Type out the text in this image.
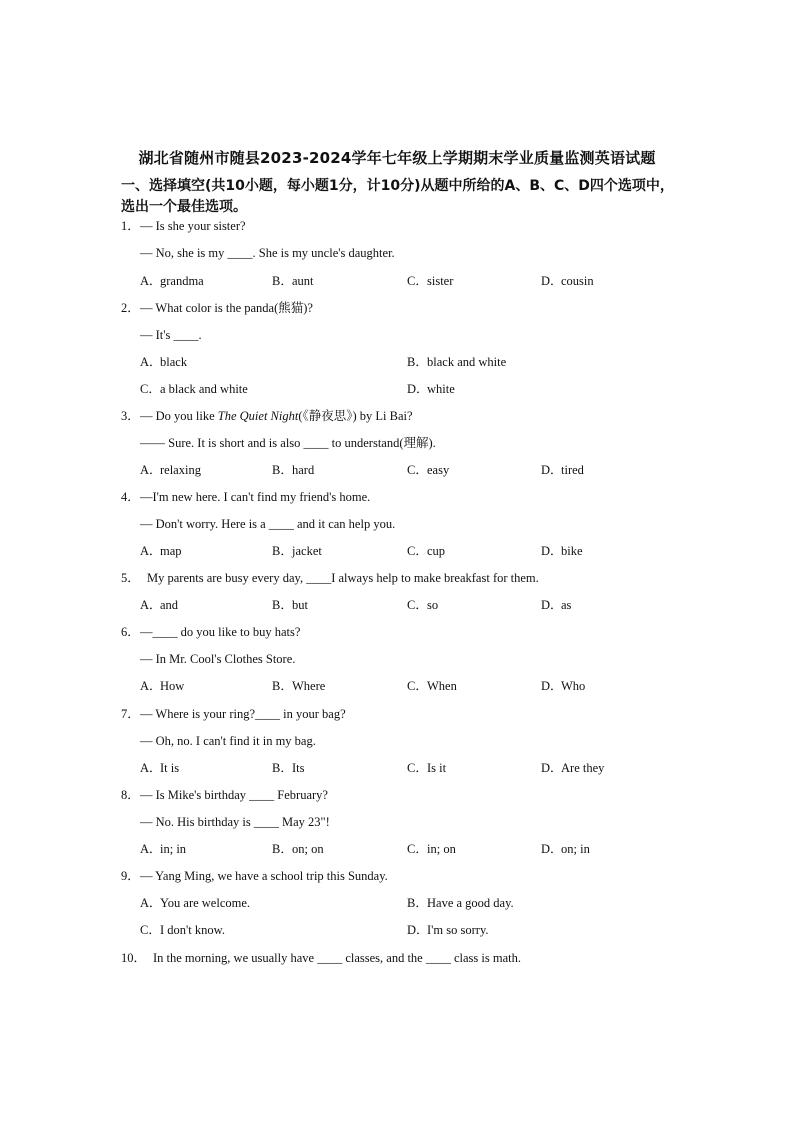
湖北省随州市随县2023-2024学年七年级上学期期末学业质量监测英语试题
一、选择填空(共10小题，每小题1分，计10分)从题中所给的A、B、C、D四个选项中，选出一个最佳选项。
1． — Is she your sister?
— No, she is my ____. She is my uncle's daughter.
A．grandma	B．aunt	C．sister	D．cousin
2． — What color is the panda(熊猫)?
— It's ____.
A．black	B．black and white
C．a black and white	D．white
3． — Do you like The Quiet Night(《静夜思》) by Li Bai?
—— Sure. It is short and is also ____ to understand(理解).
A．relaxing	B．hard	C．easy	D．tired
4． —I'm new here. I can't find my friend's home.
— Don't worry. Here is a ____ and it can help you.
A．map	B．jacket	C．cup	D．bike
5． My parents are busy every day, ____I always help to make breakfast for them.
A．and	B．but	C．so	D．as
6． —____ do you like to buy hats?
— In Mr. Cool's Clothes Store.
A．How	B．Where	C．When	D．Who
7． — Where is your ring?____ in your bag?
— Oh, no. I can't find it in my bag.
A．It is	B．Its	C．Is it	D．Are they
8． — Is Mike's birthday ____ February?
— No. His birthday is ____ May 23"!
A．in; in	B．on; on	C．in; on	D．on; in
9． — Yang Ming, we have a school trip this Sunday.
A．You are welcome.	B．Have a good day.
C．I don't know.	D．I'm so sorry.
10． In the morning, we usually have ____ classes, and the ____ class is math.
